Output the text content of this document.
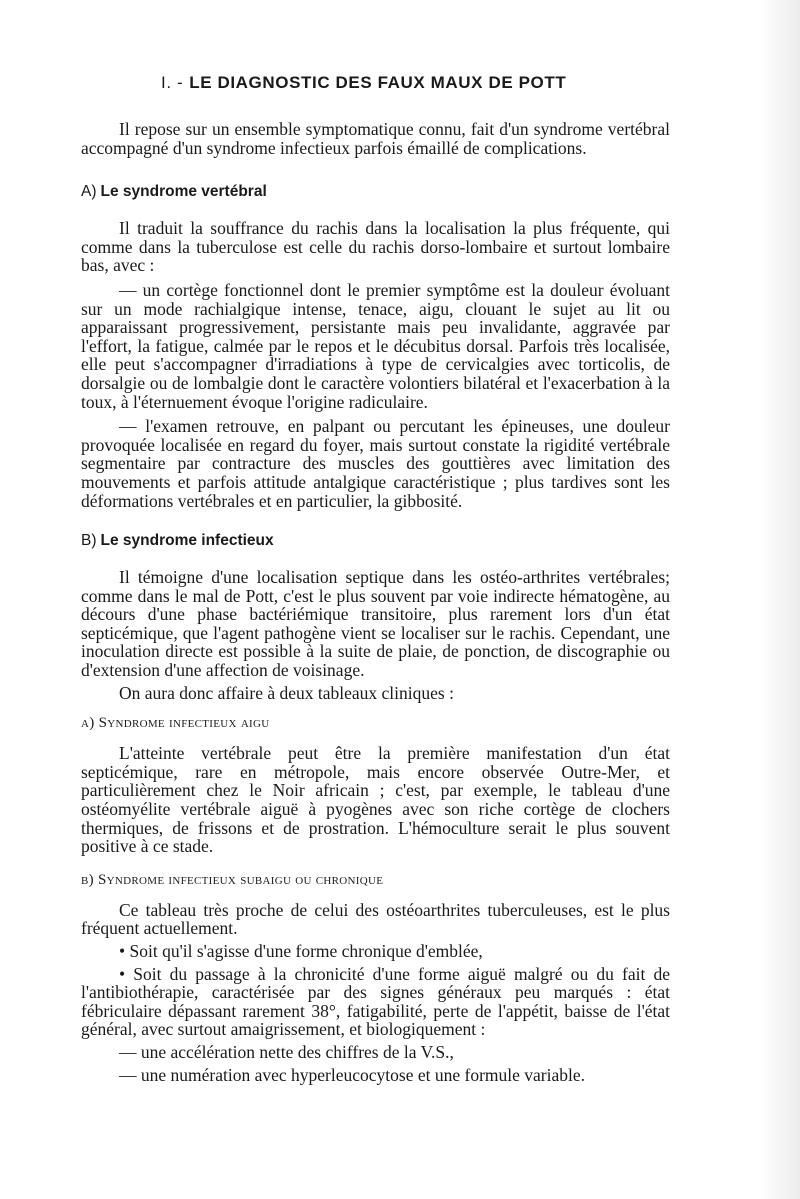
I. - LE DIAGNOSTIC DES FAUX MAUX DE POTT

Il repose sur un ensemble symptomatique connu, fait d'un syndrome vertébral accompagné d'un syndrome infectieux parfois émaillé de complications.

A) Le syndrome vertébral

Il traduit la souffrance du rachis dans la localisation la plus fréquente, qui comme dans la tuberculose est celle du rachis dorso-lombaire et surtout lombaire bas, avec :

— un cortège fonctionnel dont le premier symptôme est la douleur évoluant sur un mode rachialgique intense, tenace, aigu, clouant le sujet au lit ou apparaissant progressivement, persistante mais peu invalidante, aggravée par l'effort, la fatigue, calmée par le repos et le décubitus dorsal. Parfois très localisée, elle peut s'accompagner d'irradiations à type de cervicalgies avec torticolis, de dorsalgie ou de lombalgie dont le caractère volontiers bilatéral et l'exacerbation à la toux, à l'éternuement évoque l'origine radiculaire.

— l'examen retrouve, en palpant ou percutant les épineuses, une douleur provoquée localisée en regard du foyer, mais surtout constate la rigidité vertébrale segmentaire par contracture des muscles des gouttières avec limitation des mouvements et parfois attitude antalgique caractéristique ; plus tardives sont les déformations vertébrales et en particulier, la gibbosité.

B) Le syndrome infectieux

Il témoigne d'une localisation septique dans les ostéo-arthrites vertébrales; comme dans le mal de Pott, c'est le plus souvent par voie indirecte hématogène, au décours d'une phase bactériémique transitoire, plus rarement lors d'un état septicémique, que l'agent pathogène vient se localiser sur le rachis. Cependant, une inoculation directe est possible à la suite de plaie, de ponction, de discographie ou d'extension d'une affection de voisinage.

On aura donc affaire à deux tableaux cliniques :

a) Syndrome infectieux aigu

L'atteinte vertébrale peut être la première manifestation d'un état septicémique, rare en métropole, mais encore observée Outre-Mer, et particulièrement chez le Noir africain ; c'est, par exemple, le tableau d'une ostéomyélite vertébrale aiguë à pyogènes avec son riche cortège de clochers thermiques, de frissons et de prostration. L'hémoculture serait le plus souvent positive à ce stade.

b) Syndrome infectieux subaigu ou chronique

Ce tableau très proche de celui des ostéoarthrites tuberculeuses, est le plus fréquent actuellement.

• Soit qu'il s'agisse d'une forme chronique d'emblée,

• Soit du passage à la chronicité d'une forme aiguë malgré ou du fait de l'antibiothérapie, caractérisée par des signes généraux peu marqués : état fébriculaire dépassant rarement 38°, fatigabilité, perte de l'appétit, baisse de l'état général, avec surtout amaigrissement, et biologiquement :

— une accélération nette des chiffres de la V.S.,

— une numération avec hyperleucocytose et une formule variable.
